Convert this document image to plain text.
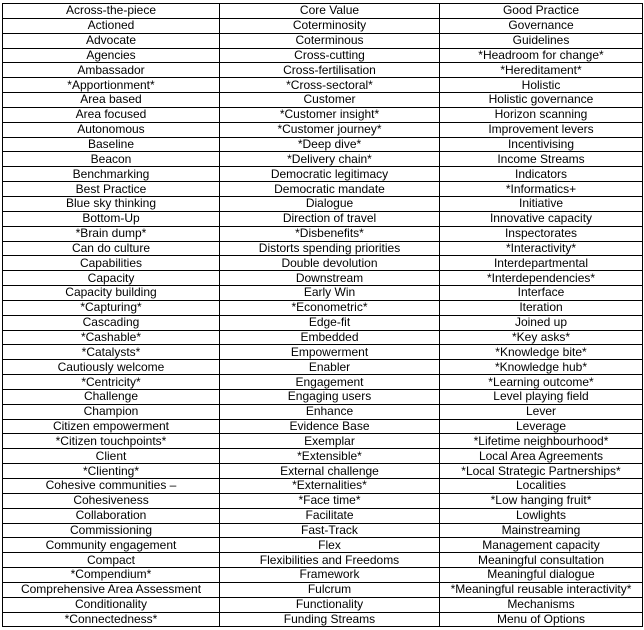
Across-the-piece	Core Value	Good Practice
Actioned	Coterminosity	Governance
Advocate	Coterminous	Guidelines
Agencies	Cross-cutting	*Headroom for change*
Ambassador	Cross-fertilisation	*Hereditament*
*Apportionment*	*Cross-sectoral*	Holistic
Area based	Customer	Holistic governance
Area focused	*Customer insight*	Horizon scanning
Autonomous	*Customer journey*	Improvement levers
Baseline	*Deep dive*	Incentivising
Beacon	*Delivery chain*	Income Streams
Benchmarking	Democratic legitimacy	Indicators
Best Practice	Democratic mandate	*Informatics+
Blue sky thinking	Dialogue	Initiative
Bottom-Up	Direction of travel	Innovative capacity
*Brain dump*	*Disbenefits*	Inspectorates
Can do culture	Distorts spending priorities	*Interactivity*
Capabilities	Double devolution	Interdepartmental
Capacity	Downstream	*Interdependencies*
Capacity building	Early Win	Interface
*Capturing*	*Econometric*	Iteration
Cascading	Edge-fit	Joined up
*Cashable*	Embedded	*Key asks*
*Catalysts*	Empowerment	*Knowledge bite*
Cautiously welcome	Enabler	*Knowledge hub*
*Centricity*	Engagement	*Learning outcome*
Challenge	Engaging users	Level playing field
Champion	Enhance	Lever
Citizen empowerment	Evidence Base	Leverage
*Citizen touchpoints*	Exemplar	*Lifetime neighbourhood*
Client	*Extensible*	Local Area Agreements
*Clienting*	External challenge	*Local Strategic Partnerships*
Cohesive communities –	*Externalities*	Localities
Cohesiveness	*Face time*	*Low hanging fruit*
Collaboration	Facilitate	Lowlights
Commissioning	Fast-Track	Mainstreaming
Community engagement	Flex	Management capacity
Compact	Flexibilities and Freedoms	Meaningful consultation
*Compendium*	Framework	Meaningful dialogue
Comprehensive Area Assessment	Fulcrum	*Meaningful reusable interactivity*
Conditionality	Functionality	Mechanisms
*Connectedness*	Funding Streams	Menu of Options
